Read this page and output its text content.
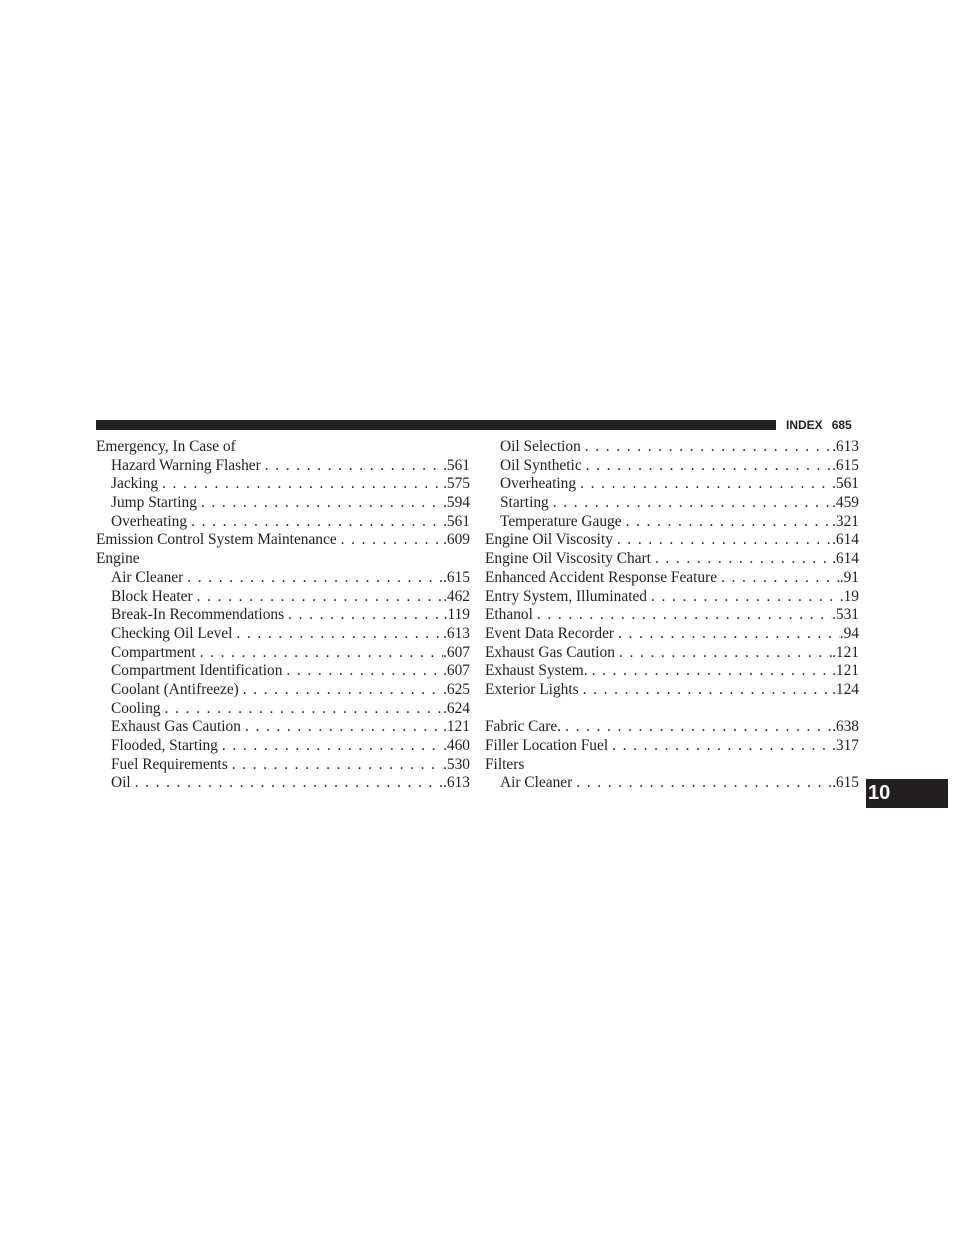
INDEX 685
Emergency, In Case of
Hazard Warning Flasher . . .	.561
Jacking . . .	.575
Jump Starting . . .	.594
Overheating . . .	.561
Emission Control System Maintenance . . .	.609
Engine
Air Cleaner . . .	.615
Block Heater . . .	.462
Break-In Recommendations . . .	.119
Checking Oil Level . . .	.613
Compartment . . .	.607
Compartment Identification . . .	.607
Coolant (Antifreeze) . . .	.625
Cooling . . .	.624
Exhaust Gas Caution . . .	.121
Flooded, Starting . . .	.460
Fuel Requirements . . .	.530
Oil . . .	.613
Oil Selection . . .	.613
Oil Synthetic . . .	.615
Overheating . . .	.561
Starting . . .	.459
Temperature Gauge . . .	.321
Engine Oil Viscosity . . .	.614
Engine Oil Viscosity Chart . . .	.614
Enhanced Accident Response Feature . . .	.91
Entry System, Illuminated . . .	.19
Ethanol . . .	.531
Event Data Recorder . . .	.94
Exhaust Gas Caution . . .	.121
Exhaust System. . . .	.121
Exterior Lights . . .	.124
Fabric Care. . . .	.638
Filler Location Fuel . . .	.317
Filters
Air Cleaner . . .	.615 10
